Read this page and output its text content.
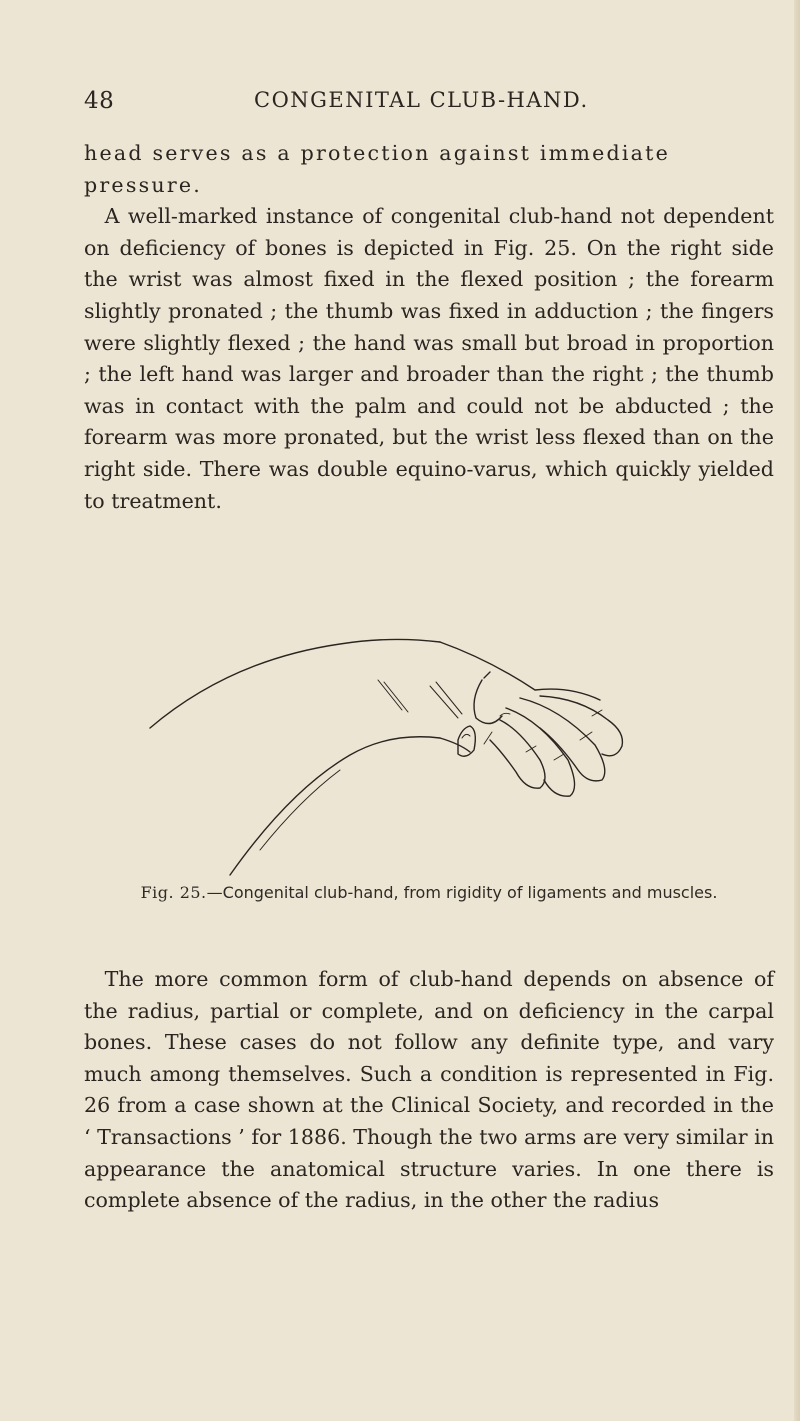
48	CONGENITAL CLUB-HAND.

head serves as a protection against immediate pressure.

A well-marked instance of congenital club-hand not dependent on deficiency of bones is depicted in Fig. 25. On the right side the wrist was almost fixed in the flexed position ; the forearm slightly pronated ; the thumb was fixed in adduction ; the fingers were slightly flexed ; the hand was small but broad in proportion ; the left hand was larger and broader than the right ; the thumb was in contact with the palm and could not be abducted ; the forearm was more pronated, but the wrist less flexed than on the right side. There was double equino-varus, which quickly yielded to treatment.

Fig. 25.—Congenital club-hand, from rigidity of ligaments and muscles.

The more common form of club-hand depends on absence of the radius, partial or complete, and on deficiency in the carpal bones. These cases do not follow any definite type, and vary much among themselves. Such a condition is represented in Fig. 26 from a case shown at the Clinical Society, and recorded in the ‘ Transactions ’ for 1886. Though the two arms are very similar in appearance the anatomical structure varies. In one there is complete absence of the radius, in the other the radius
